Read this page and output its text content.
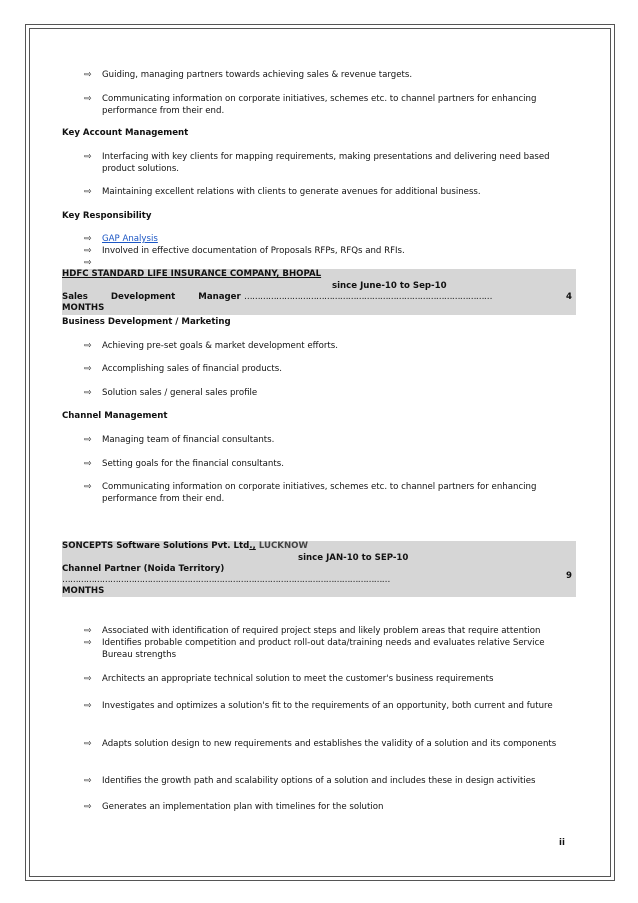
⇨ Guiding, managing partners towards achieving sales & revenue targets.
⇨ Communicating information on corporate initiatives, schemes etc. to channel partners for enhancing performance from their end.
Key Account Management
⇨ Interfacing with key clients for mapping requirements, making presentations and delivering need based product solutions.
⇨ Maintaining excellent relations with clients to generate avenues for additional business.
Key Responsibility
⇨ GAP Analysis
⇨ Involved in effective documentation of Proposals RFPs, RFQs and RFIs.
⇨
HDFC STANDARD LIFE INSURANCE COMPANY, BHOPAL
since June-10 to Sep-10
Sales Development Manager …………………………………………………………………………………	4
MONTHS
Business Development / Marketing
⇨ Achieving pre-set goals & market development efforts.
⇨ Accomplishing sales of financial products.
⇨ Solution sales / general sales profile
Channel Management
⇨ Managing team of financial consultants.
⇨ Setting goals for the financial consultants.
⇨ Communicating information on corporate initiatives, schemes etc. to channel partners for enhancing performance from their end.
SONCEPTS Software Solutions Pvt. Ltd., LUCKNOW
since JAN-10 to SEP-10
Channel Partner (Noida Territory)
……………………………………………………………………………………………………………	9
MONTHS
⇨ Associated with identification of required project steps and likely problem areas that require attention
⇨ Identifies probable competition and product roll-out data/training needs and evaluates relative Service Bureau strengths
⇨ Architects an appropriate technical solution to meet the customer's business requirements
⇨ Investigates and optimizes a solution's fit to the requirements of an opportunity, both current and future
⇨ Adapts solution design to new requirements and establishes the validity of a solution and its components
⇨ Identifies the growth path and scalability options of a solution and includes these in design activities
⇨ Generates an implementation plan with timelines for the solution
ii
